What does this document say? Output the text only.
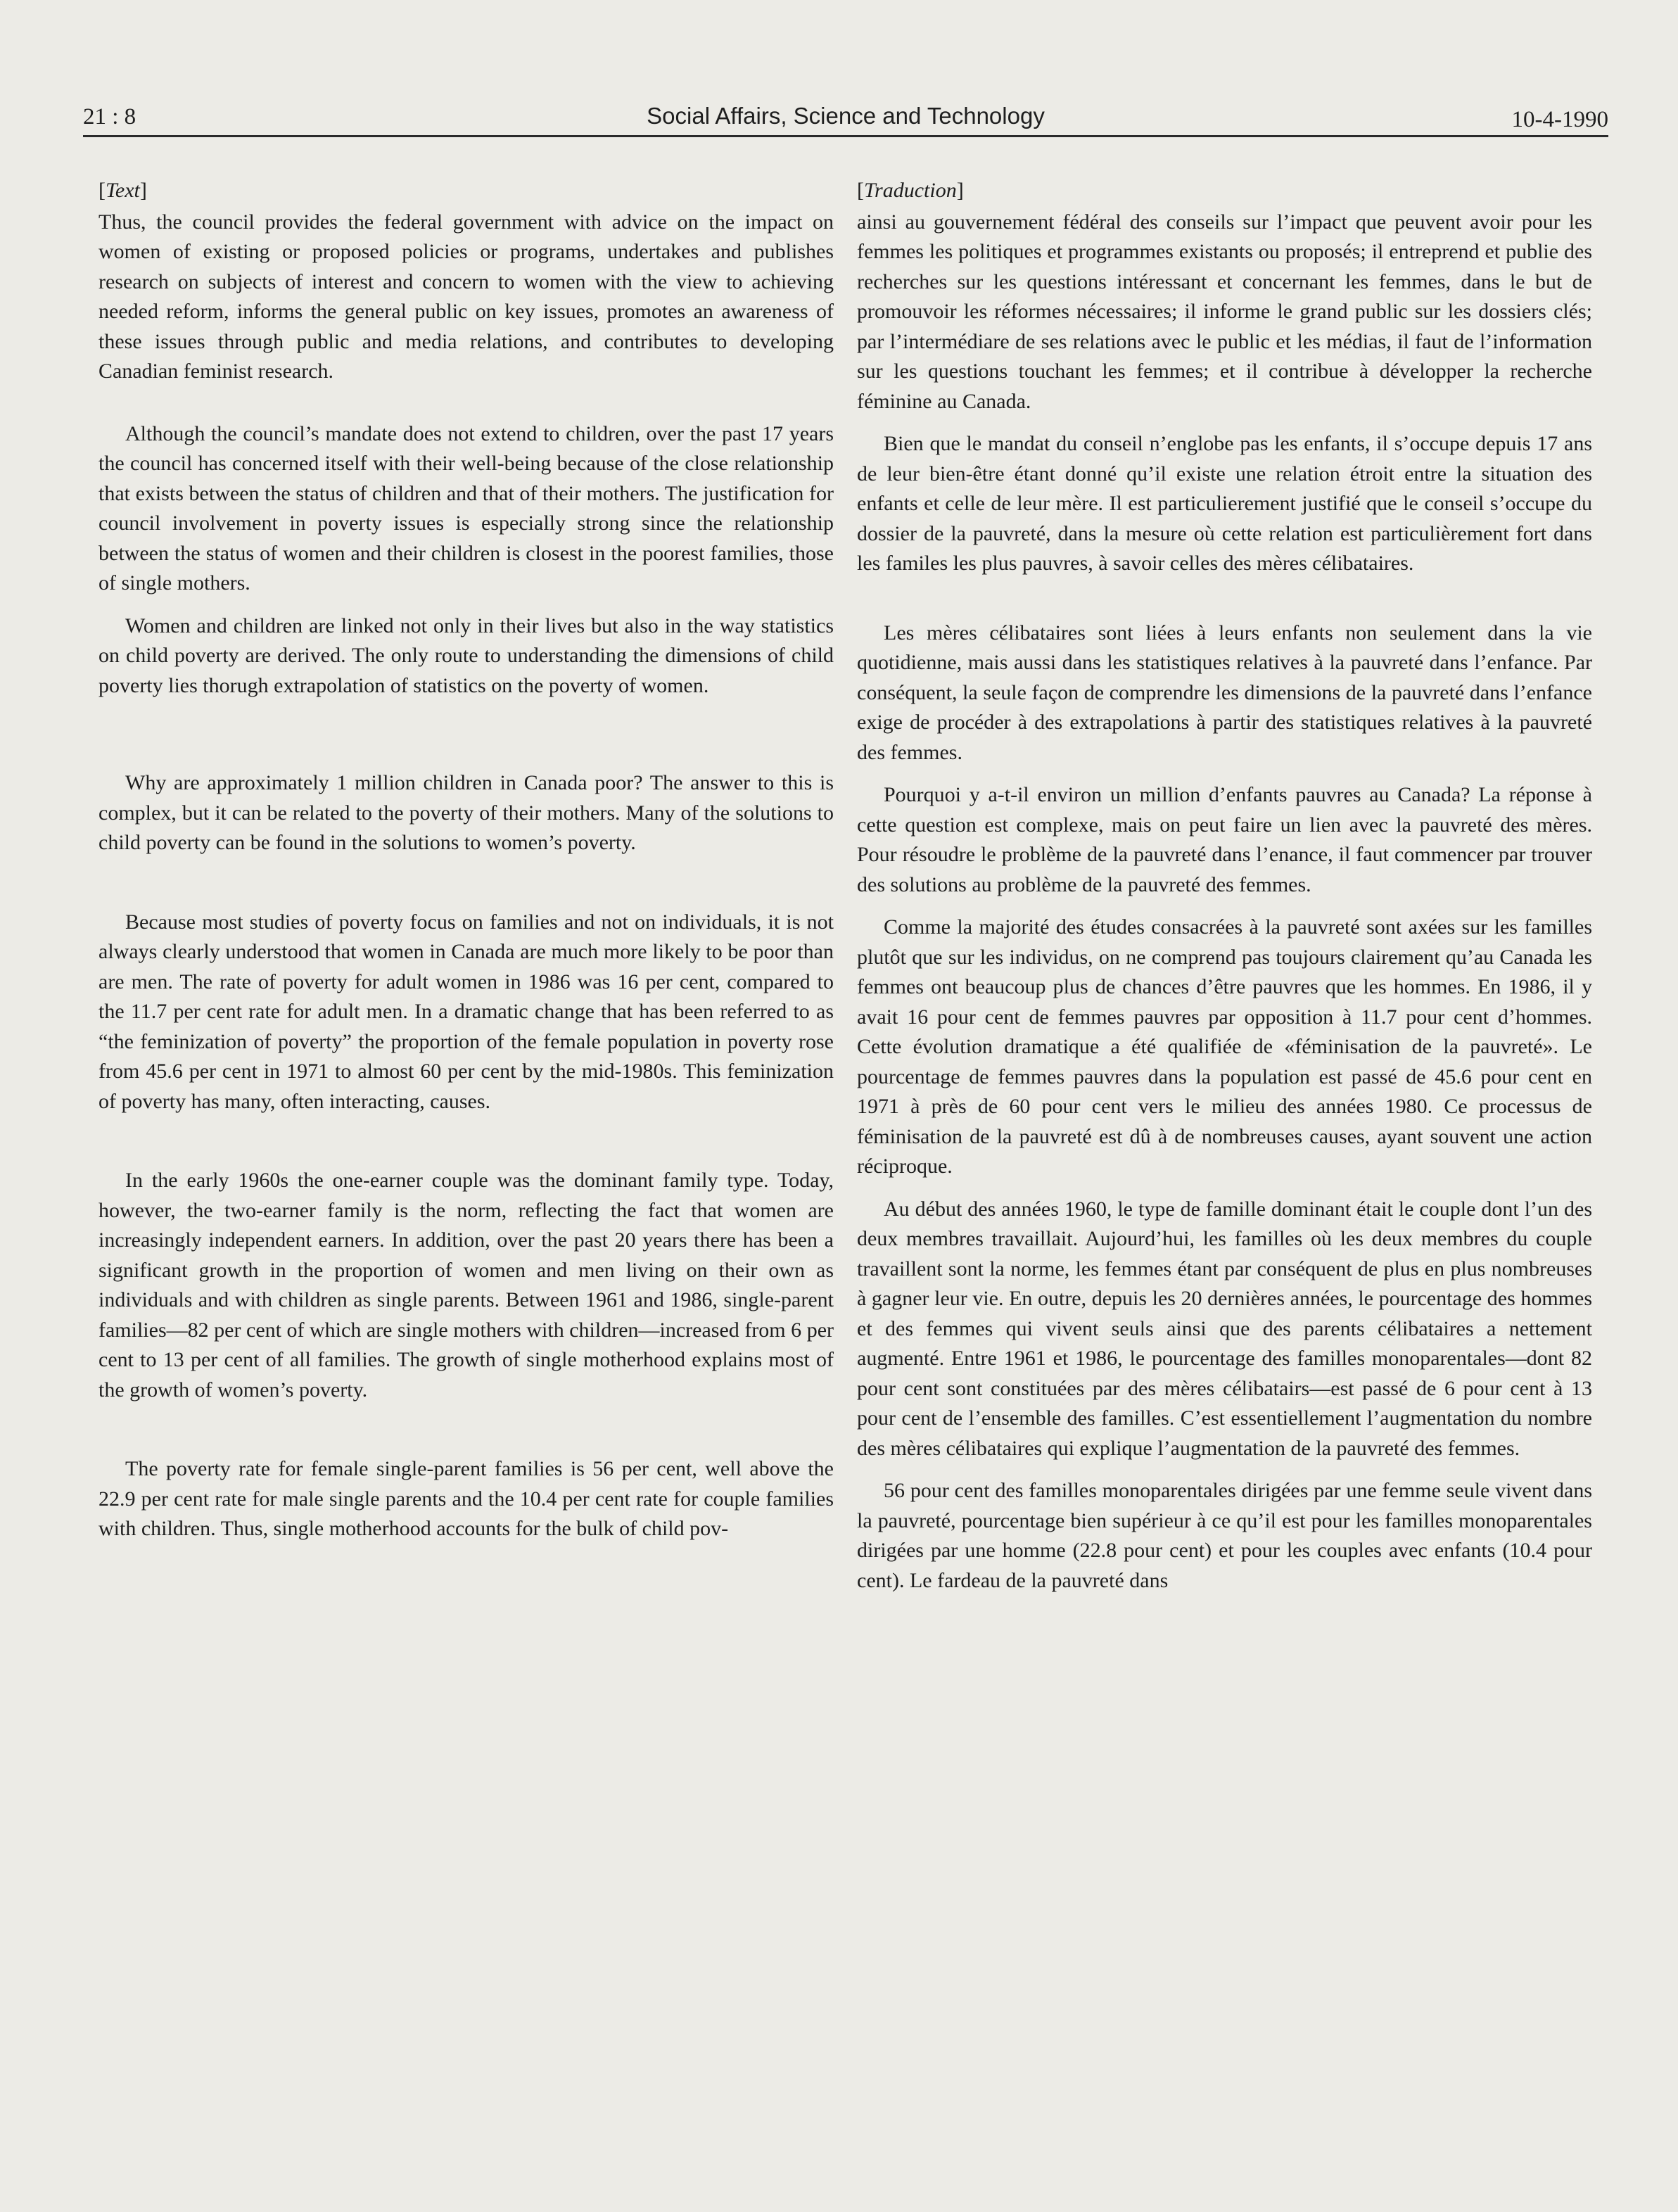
21 : 8	Social Affairs, Science and Technology	10-4-1990
[Text]

Thus, the council provides the federal government with advice on the impact on women of existing or proposed policies or programs, undertakes and publishes research on subjects of interest and concern to women with the view to achieving needed reform, informs the general public on key issues, promotes an awareness of these issues through public and media relations, and contributes to developing Canadian feminist research.

Although the council’s mandate does not extend to children, over the past 17 years the council has concerned itself with their well-being because of the close relationship that exists between the status of children and that of their mothers. The justification for council involvement in poverty issues is especially strong since the relationship between the status of women and their children is closest in the poorest families, those of single mothers.

Women and children are linked not only in their lives but also in the way statistics on child poverty are derived. The only route to understanding the dimensions of child poverty lies thorugh extrapolation of statistics on the poverty of women.

Why are approximately 1 million children in Canada poor? The answer to this is complex, but it can be related to the poverty of their mothers. Many of the solutions to child poverty can be found in the solutions to women’s poverty.

Because most studies of poverty focus on families and not on individuals, it is not always clearly understood that women in Canada are much more likely to be poor than are men. The rate of poverty for adult women in 1986 was 16 per cent, compared to the 11.7 per cent rate for adult men. In a dramatic change that has been referred to as “the feminization of poverty” the proportion of the female population in poverty rose from 45.6 per cent in 1971 to almost 60 per cent by the mid-1980s. This feminization of poverty has many, often interacting, causes.

In the early 1960s the one-earner couple was the dominant family type. Today, however, the two-earner family is the norm, reflecting the fact that women are increasingly independent earners. In addition, over the past 20 years there has been a significant growth in the proportion of women and men living on their own as individuals and with children as single parents. Between 1961 and 1986, single-parent families—82 per cent of which are single mothers with children—increased from 6 per cent to 13 per cent of all families. The growth of single motherhood explains most of the growth of women’s poverty.

The poverty rate for female single-parent families is 56 per cent, well above the 22.9 per cent rate for male single parents and the 10.4 per cent rate for couple families with children. Thus, single motherhood accounts for the bulk of child pov-

[Traduction]

ainsi au gouvernement fédéral des conseils sur l’impact que peuvent avoir pour les femmes les politiques et programmes existants ou proposés; il entreprend et publie des recherches sur les questions intéressant et concernant les femmes, dans le but de promouvoir les réformes nécessaires; il informe le grand public sur les dossiers clés; par l’intermédiare de ses relations avec le public et les médias, il faut de l’information sur les questions touchant les femmes; et il contribue à développer la recherche féminine au Canada.

Bien que le mandat du conseil n’englobe pas les enfants, il s’occupe depuis 17 ans de leur bien-être étant donné qu’il existe une relation étroit entre la situation des enfants et celle de leur mère. Il est particulierement justifié que le conseil s’occupe du dossier de la pauvreté, dans la mesure où cette relation est particulièrement fort dans les familes les plus pauvres, à savoir celles des mères célibataires.

Les mères célibataires sont liées à leurs enfants non seulement dans la vie quotidienne, mais aussi dans les statistiques relatives à la pauvreté dans l’enfance. Par conséquent, la seule façon de comprendre les dimensions de la pauvreté dans l’enfance exige de procéder à des extrapolations à partir des statistiques relatives à la pauvreté des femmes.

Pourquoi y a-t-il environ un million d’enfants pauvres au Canada? La réponse à cette question est complexe, mais on peut faire un lien avec la pauvreté des mères. Pour résoudre le problème de la pauvreté dans l’enance, il faut commencer par trouver des solutions au problème de la pauvreté des femmes.

Comme la majorité des études consacrées à la pauvreté sont axées sur les familles plutôt que sur les individus, on ne comprend pas toujours clairement qu’au Canada les femmes ont beaucoup plus de chances d’être pauvres que les hommes. En 1986, il y avait 16 pour cent de femmes pauvres par opposition à 11.7 pour cent d’hommes. Cette évolution dramatique a été qualifiée de «féminisation de la pauvreté». Le pourcentage de femmes pauvres dans la population est passé de 45.6 pour cent en 1971 à près de 60 pour cent vers le milieu des années 1980. Ce processus de féminisation de la pauvreté est dû à de nombreuses causes, ayant souvent une action réciproque.

Au début des années 1960, le type de famille dominant était le couple dont l’un des deux membres travaillait. Aujourd’hui, les familles où les deux membres du couple travaillent sont la norme, les femmes étant par conséquent de plus en plus nombreuses à gagner leur vie. En outre, depuis les 20 dernières années, le pourcentage des hommes et des femmes qui vivent seuls ainsi que des parents célibataires a nettement augmenté. Entre 1961 et 1986, le pourcentage des familles monoparentales—dont 82 pour cent sont constituées par des mères célibatairs—est passé de 6 pour cent à 13 pour cent de l’ensemble des familles. C’est essentiellement l’augmentation du nombre des mères célibataires qui explique l’augmentation de la pauvreté des femmes.

56 pour cent des familles monoparentales dirigées par une femme seule vivent dans la pauvreté, pourcentage bien supérieur à ce qu’il est pour les familles monoparentales dirigées par une homme (22.8 pour cent) et pour les couples avec enfants (10.4 pour cent). Le fardeau de la pauvreté dans
